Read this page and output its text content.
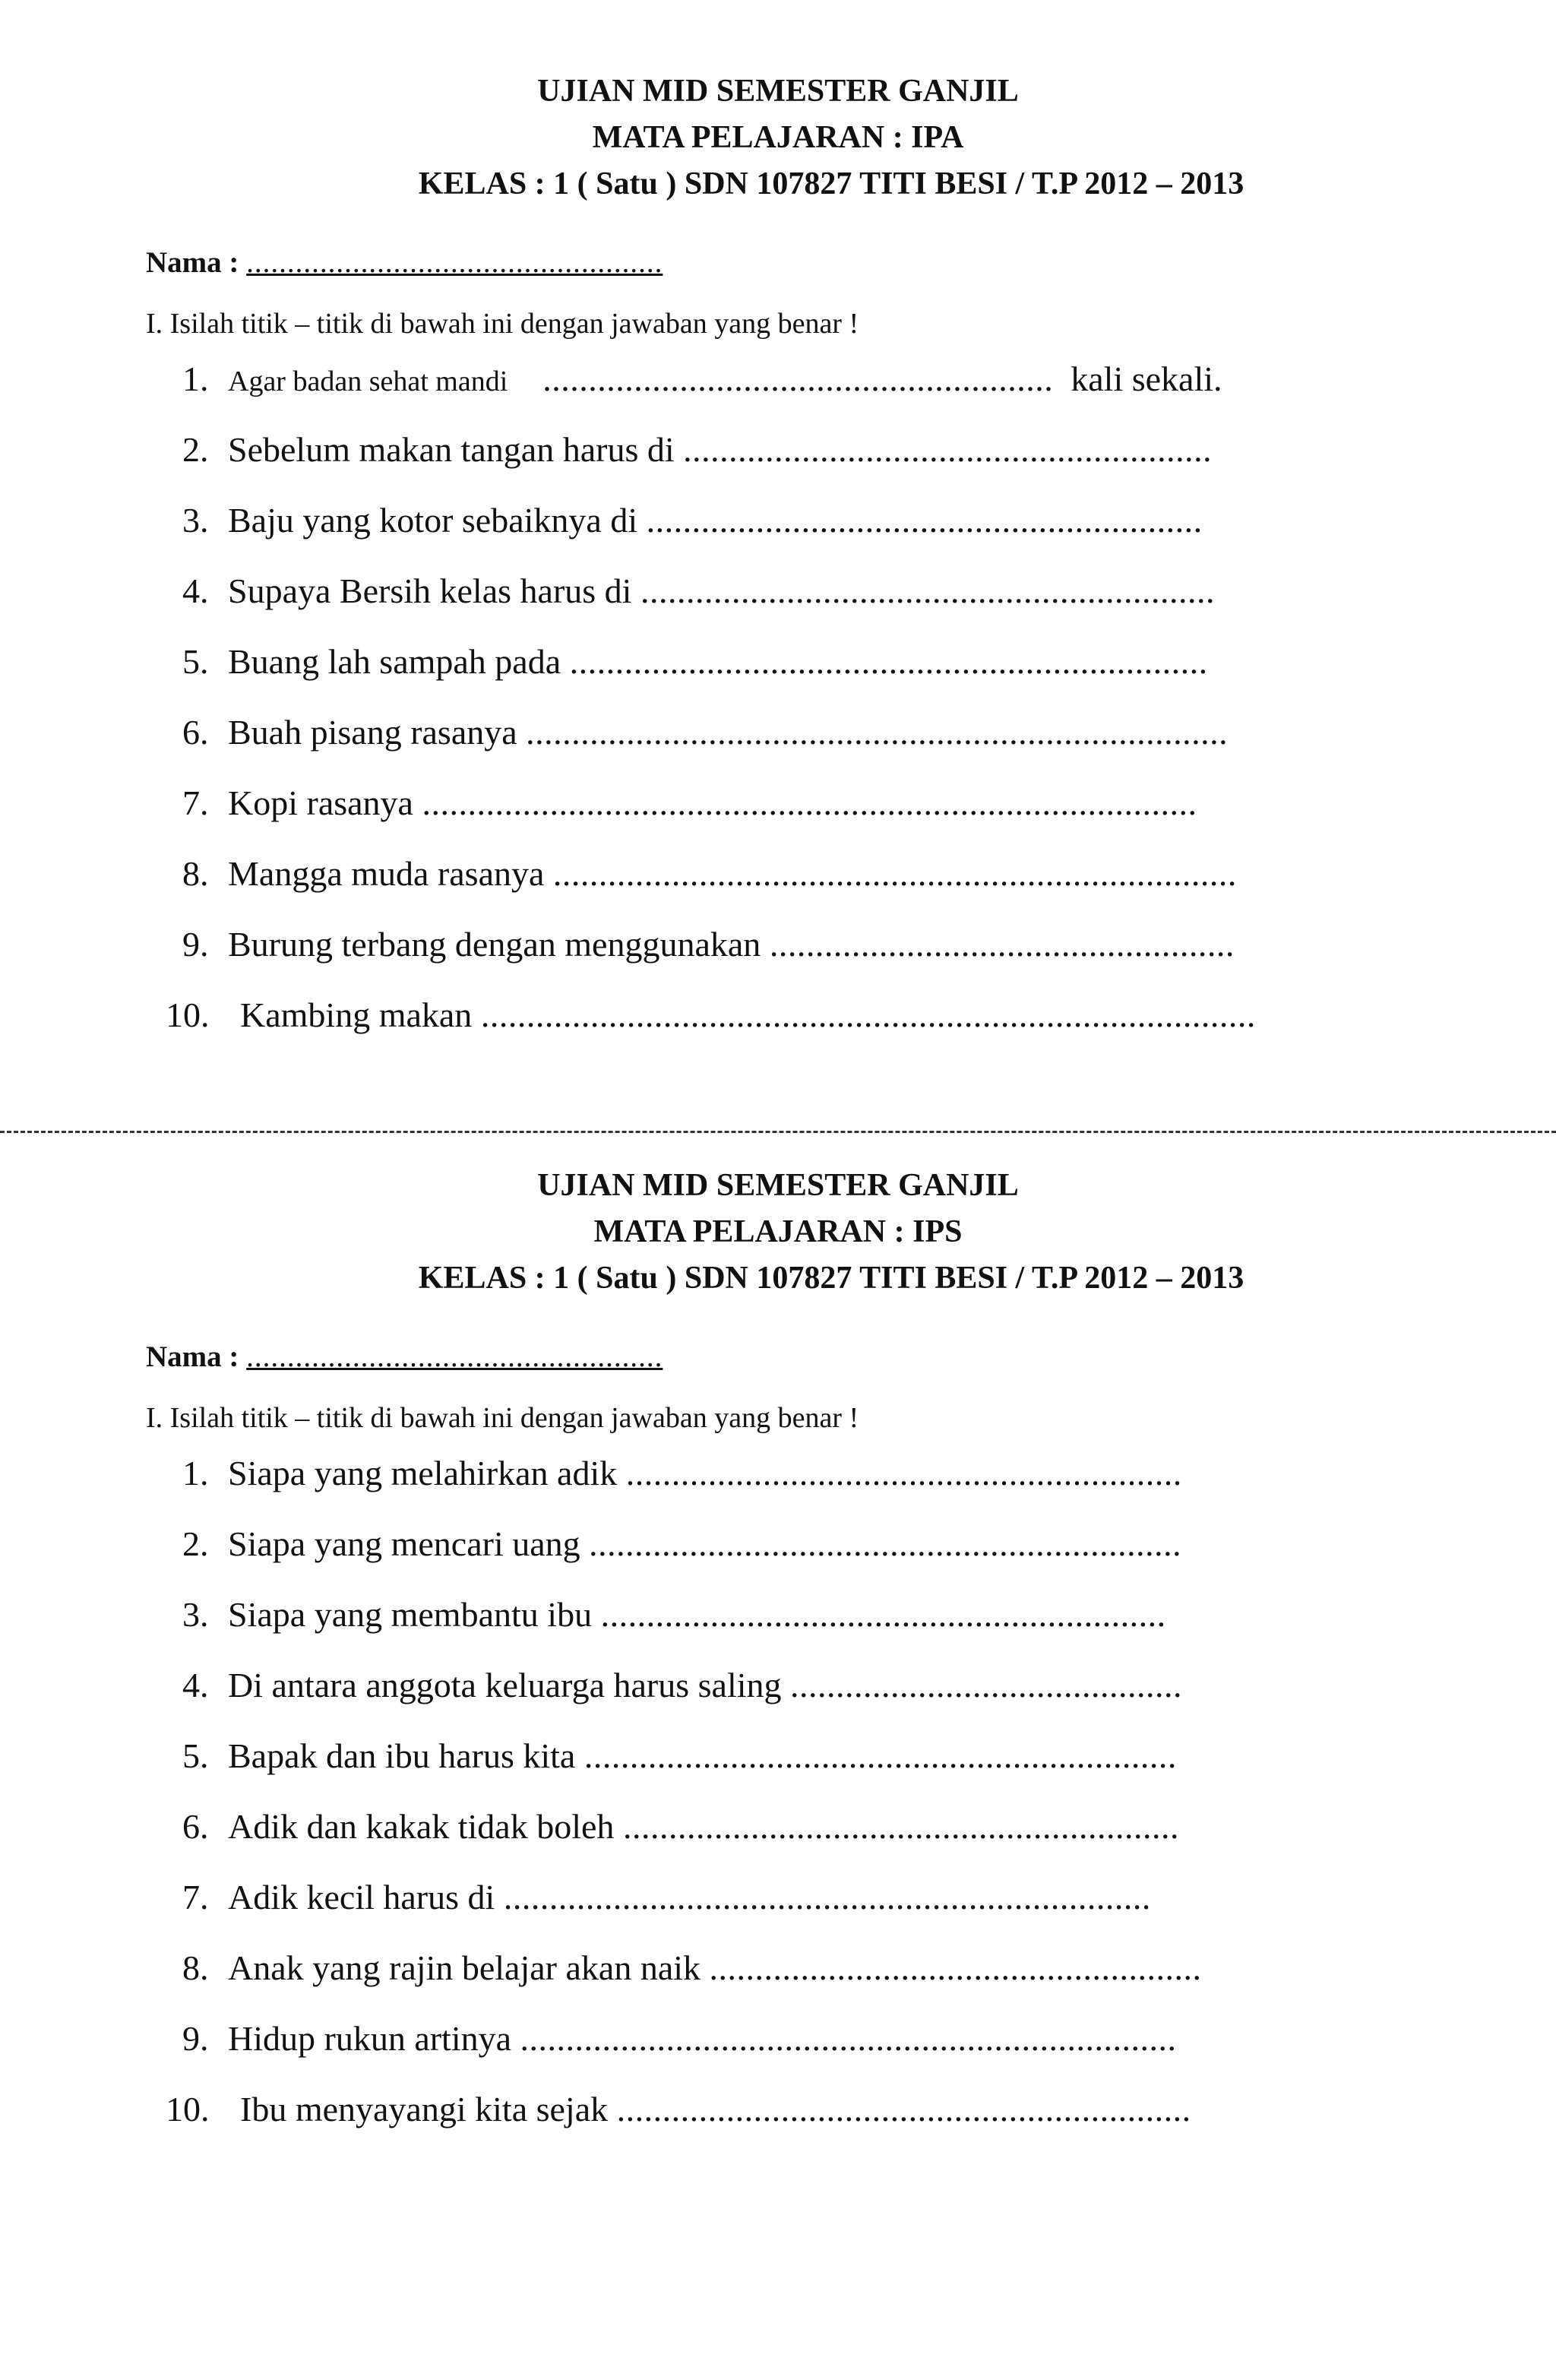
UJIAN MID SEMESTER GANJIL
MATA PELAJARAN : IPA
KELAS : 1 ( Satu ) SDN 107827 TITI BESI / T.P 2012 – 2013
Nama : ...................................................
I. Isilah titik – titik di bawah ini dengan jawaban yang benar !
1. Agar badan sehat mandi ........................................................ kali sekali.
2. Sebelum makan tangan harus di ..........................................................
3. Baju yang kotor sebaiknya di .............................................................
4. Supaya Bersih kelas harus di ...............................................................
5. Buang lah sampah pada ......................................................................
6. Buah pisang rasanya .............................................................................
7. Kopi rasanya .....................................................................................
8. Mangga muda rasanya ...........................................................................
9. Burung terbang dengan menggunakan ...................................................
10. Kambing makan .....................................................................................
UJIAN MID SEMESTER GANJIL
MATA PELAJARAN : IPS
KELAS : 1 ( Satu ) SDN 107827 TITI BESI / T.P 2012 – 2013
Nama : ...................................................
I. Isilah titik – titik di bawah ini dengan jawaban yang benar !
1. Siapa yang melahirkan adik .............................................................
2. Siapa yang mencari uang .................................................................
3. Siapa yang membantu ibu ..............................................................
4. Di antara anggota keluarga harus saling ...........................................
5. Bapak dan ibu harus kita .................................................................
6. Adik dan kakak tidak boleh .............................................................
7. Adik kecil harus di .......................................................................
8. Anak yang rajin belajar akan naik ......................................................
9. Hidup rukun artinya ........................................................................
10. Ibu menyayangi kita sejak ...............................................................
